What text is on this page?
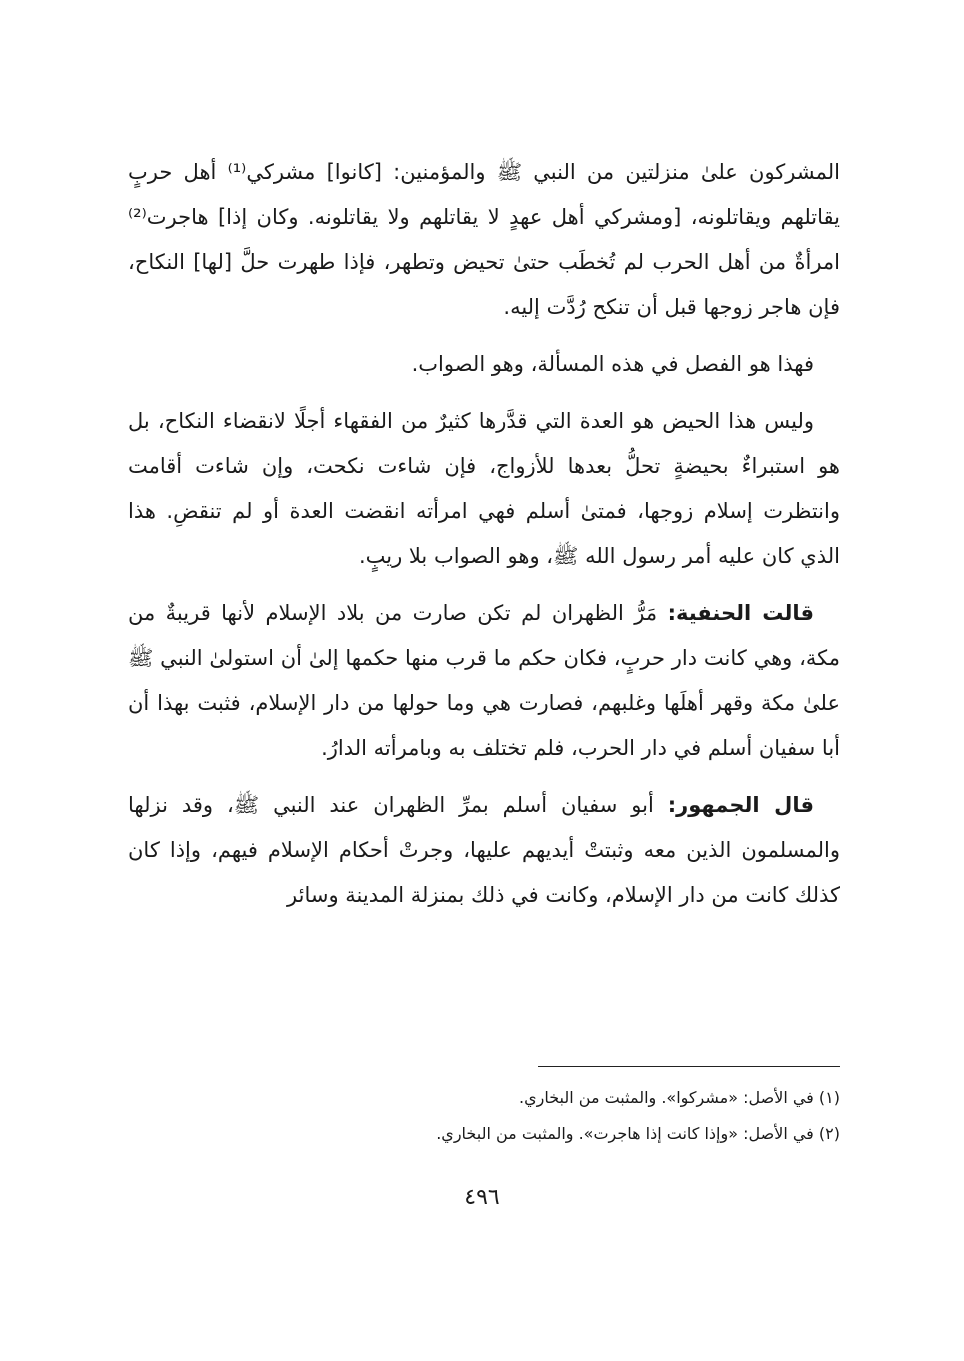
المشركون علىٰ منزلتين من النبي ﷺ والمؤمنين: [كانوا] مشركي⁽¹⁾ أهل حربٍ يقاتلهم ويقاتلونه، [ومشركي أهل عهدٍ لا يقاتلهم ولا يقاتلونه. وكان إذا] هاجرت⁽²⁾ امرأةٌ من أهل الحرب لم تُخطَب حتىٰ تحيض وتطهر، فإذا طهرت حلَّ [لها] النكاح، فإن هاجر زوجها قبل أن تنكح رُدَّت إليه.

فهذا هو الفصل في هذه المسألة، وهو الصواب.

وليس هذا الحيض هو العدة التي قدَّرها كثيرٌ من الفقهاء أجلًا لانقضاء النكاح، بل هو استبراءٌ بحيضةٍ تحلُّ بعدها للأزواج، فإن شاءت نكحت، وإن شاءت أقامت وانتظرت إسلام زوجها، فمتىٰ أسلم فهي امرأته انقضت العدة أو لم تنقضِ. هذا الذي كان عليه أمر رسول الله ﷺ، وهو الصواب بلا ريبٍ.

قالت الحنفية: مَرُّ الظهران لم تكن صارت من بلاد الإسلام لأنها قريبةٌ من مكة، وهي كانت دار حربٍ، فكان حكم ما قرب منها حكمها إلىٰ أن استولىٰ النبي ﷺ علىٰ مكة وقهر أهلَها وغلبهم، فصارت هي وما حولها من دار الإسلام، فثبت بهذا أن أبا سفيان أسلم في دار الحرب، فلم تختلف به وبامرأته الدارُ.

قال الجمهور: أبو سفيان أسلم بمرِّ الظهران عند النبي ﷺ، وقد نزلها والمسلمون الذين معه وثبتتْ أيديهم عليها، وجرتْ أحكام الإسلام فيهم، وإذا كان كذلك كانت من دار الإسلام، وكانت في ذلك بمنزلة المدينة وسائر

(١) في الأصل: «مشركوا». والمثبت من البخاري.

(٢) في الأصل: «وإذا كانت إذا هاجرت». والمثبت من البخاري.

٤٩٦
